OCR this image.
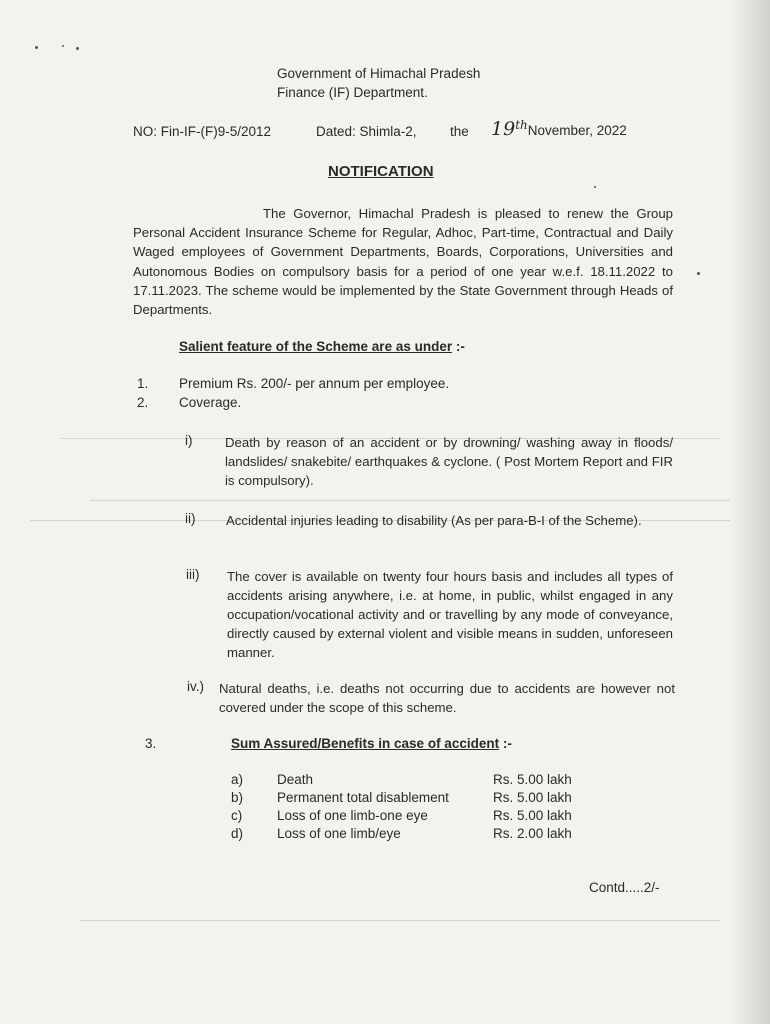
Government of Himachal Pradesh
Finance (IF) Department.
NO: Fin-IF-(F)9-5/2012	Dated: Shimla-2, the 19thNovember, 2022
NOTIFICATION
The Governor, Himachal Pradesh is pleased to renew the Group Personal Accident Insurance Scheme for Regular, Adhoc, Part-time, Contractual and Daily Waged employees of Government Departments, Boards, Corporations, Universities and Autonomous Bodies on compulsory basis for a period of one year w.e.f. 18.11.2022 to 17.11.2023. The scheme would be implemented by the State Government through Heads of Departments.
Salient feature of the Scheme are as under :-
1. Premium Rs. 200/- per annum per employee.
2. Coverage.
i) Death by reason of an accident or by drowning/ washing away in floods/ landslides/ snakebite/ earthquakes & cyclone. ( Post Mortem Report and FIR is compulsory).
ii) Accidental injuries leading to disability (As per para-B-I of the Scheme).
iii) The cover is available on twenty four hours basis and includes all types of accidents arising anywhere, i.e. at home, in public, whilst engaged in any occupation/vocational activity and or travelling by any mode of conveyance, directly caused by external violent and visible means in sudden, unforeseen manner.
iv.) Natural deaths, i.e. deaths not occurring due to accidents are however not covered under the scope of this scheme.
3.	Sum Assured/Benefits in case of accident :-
a)	Death	Rs. 5.00 lakh
b)	Permanent total disablement	Rs. 5.00 lakh
c)	Loss of one limb-one eye	Rs. 5.00 lakh
d)	Loss of one limb/eye	Rs. 2.00 lakh
Contd.....2/-
